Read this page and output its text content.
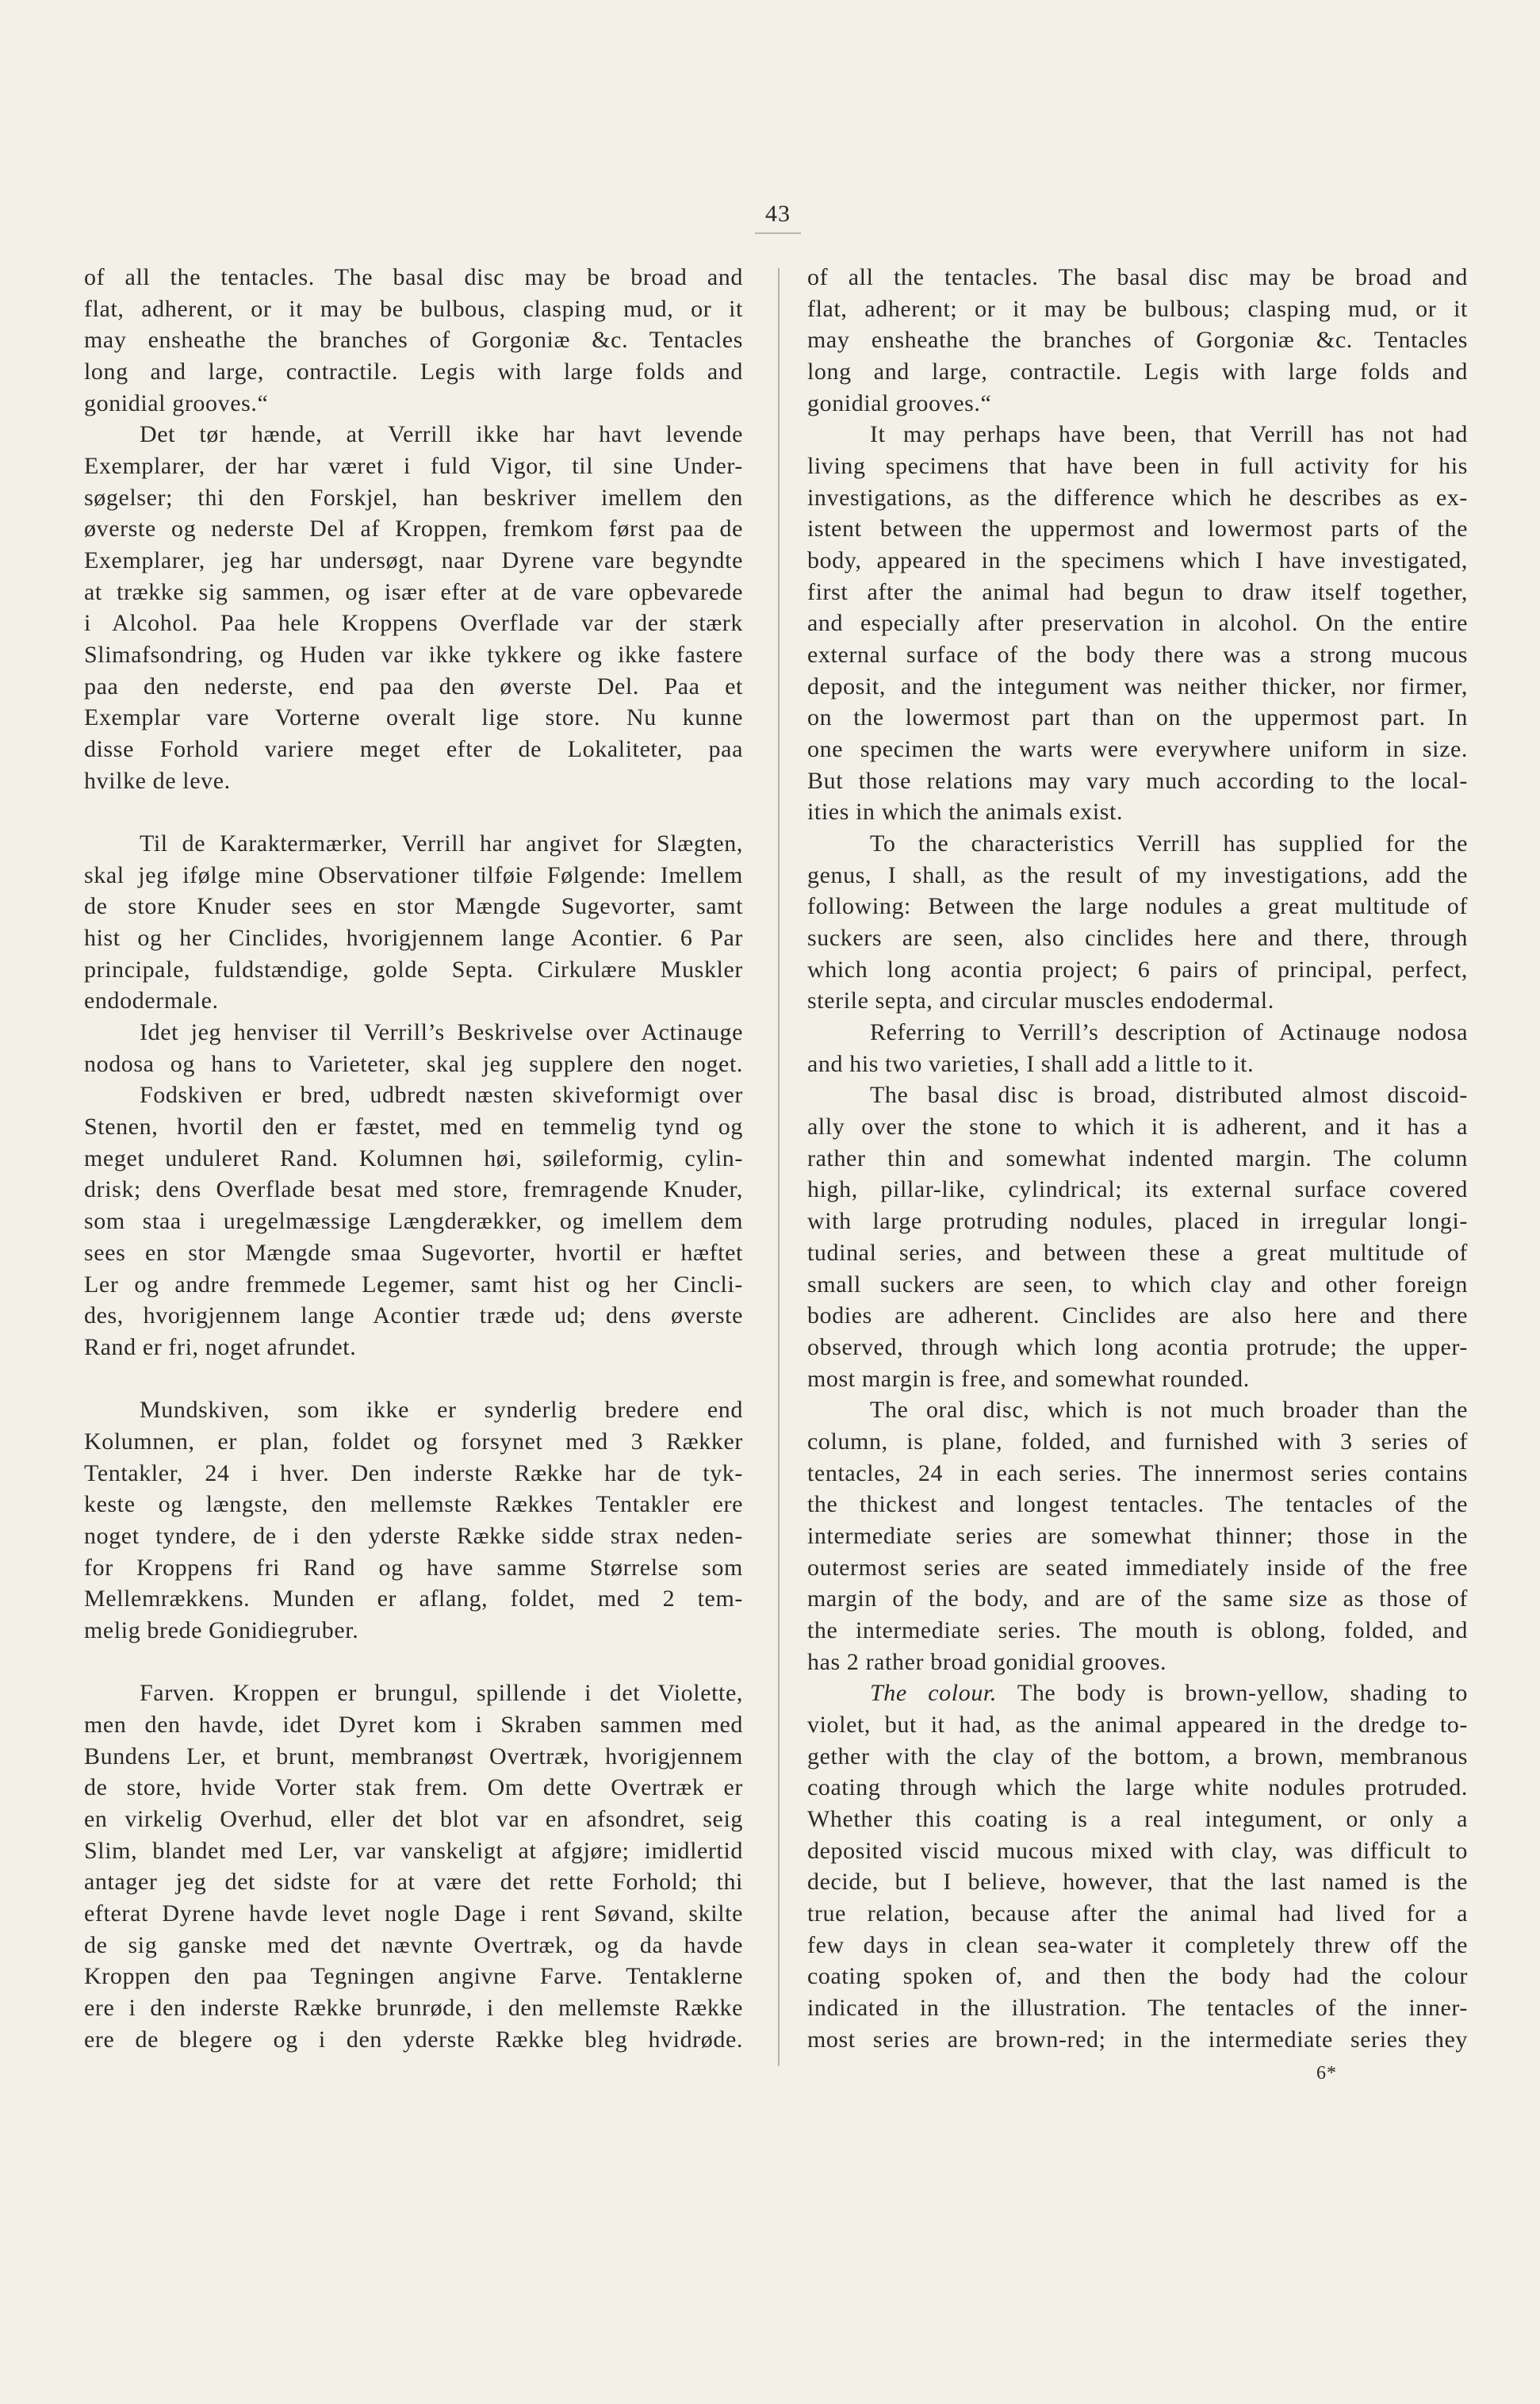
43
of all the tentacles. The basal disc may be broad and
flat, adherent, or it may be bulbous, clasping mud, or it
may ensheathe the branches of Gorgoniæ &c. Tentacles
long and large, contractile. Legis with large folds and
gonidial grooves.“
Det tør hænde, at Verrill ikke har havt levende
Exemplarer, der har været i fuld Vigor, til sine Under-
søgelser; thi den Forskjel, han beskriver imellem den
øverste og nederste Del af Kroppen, fremkom først paa de
Exemplarer, jeg har undersøgt, naar Dyrene vare begyndte
at trække sig sammen, og især efter at de vare opbevarede
i Alcohol. Paa hele Kroppens Overflade var der stærk
Slimafsondring, og Huden var ikke tykkere og ikke fastere
paa den nederste, end paa den øverste Del. Paa et
Exemplar vare Vorterne overalt lige store. Nu kunne
disse Forhold variere meget efter de Lokaliteter, paa
hvilke de leve.
Til de Karaktermærker, Verrill har angivet for Slægten,
skal jeg ifølge mine Observationer tilføie Følgende: Imellem
de store Knuder sees en stor Mængde Sugevorter, samt
hist og her Cinclides, hvorigjennem lange Acontier. 6 Par
principale, fuldstændige, golde Septa. Cirkulære Muskler
endodermale.
Idet jeg henviser til Verrill’s Beskrivelse over Actinauge
nodosa og hans to Varieteter, skal jeg supplere den noget.
Fodskiven er bred, udbredt næsten skiveformigt over
Stenen, hvortil den er fæstet, med en temmelig tynd og
meget unduleret Rand. Kolumnen høi, søileformig, cylin-
drisk; dens Overflade besat med store, fremragende Knuder,
som staa i uregelmæssige Længderækker, og imellem dem
sees en stor Mængde smaa Sugevorter, hvortil er hæftet
Ler og andre fremmede Legemer, samt hist og her Cincli-
des, hvorigjennem lange Acontier træde ud; dens øverste
Rand er fri, noget afrundet.
Mundskiven, som ikke er synderlig bredere end
Kolumnen, er plan, foldet og forsynet med 3 Rækker
Tentakler, 24 i hver. Den inderste Række har de tyk-
keste og længste, den mellemste Rækkes Tentakler ere
noget tyndere, de i den yderste Række sidde strax neden-
for Kroppens fri Rand og have samme Størrelse som
Mellemrækkens. Munden er aflang, foldet, med 2 tem-
melig brede Gonidiegruber.
Farven. Kroppen er brungul, spillende i det Violette,
men den havde, idet Dyret kom i Skraben sammen med
Bundens Ler, et brunt, membranøst Overtræk, hvorigjennem
de store, hvide Vorter stak frem. Om dette Overtræk er
en virkelig Overhud, eller det blot var en afsondret, seig
Slim, blandet med Ler, var vanskeligt at afgjøre; imidlertid
antager jeg det sidste for at være det rette Forhold; thi
efterat Dyrene havde levet nogle Dage i rent Søvand, skilte
de sig ganske med det nævnte Overtræk, og da havde
Kroppen den paa Tegningen angivne Farve. Tentaklerne
ere i den inderste Række brunrøde, i den mellemste Række
ere de blegere og i den yderste Række bleg hvidrøde.
of all the tentacles. The basal disc may be broad and
flat, adherent; or it may be bulbous; clasping mud, or it
may ensheathe the branches of Gorgoniæ &c. Tentacles
long and large, contractile. Legis with large folds and
gonidial grooves.“
It may perhaps have been, that Verrill has not had
living specimens that have been in full activity for his
investigations, as the difference which he describes as ex-
istent between the uppermost and lowermost parts of the
body, appeared in the specimens which I have investigated,
first after the animal had begun to draw itself together,
and especially after preservation in alcohol. On the entire
external surface of the body there was a strong mucous
deposit, and the integument was neither thicker, nor firmer,
on the lowermost part than on the uppermost part. In
one specimen the warts were everywhere uniform in size.
But those relations may vary much according to the local-
ities in which the animals exist.
To the characteristics Verrill has supplied for the
genus, I shall, as the result of my investigations, add the
following: Between the large nodules a great multitude of
suckers are seen, also cinclides here and there, through
which long acontia project; 6 pairs of principal, perfect,
sterile septa, and circular muscles endodermal.
Referring to Verrill’s description of Actinauge nodosa
and his two varieties, I shall add a little to it.
The basal disc is broad, distributed almost discoid-
ally over the stone to which it is adherent, and it has a
rather thin and somewhat indented margin. The column
high, pillar-like, cylindrical; its external surface covered
with large protruding nodules, placed in irregular longi-
tudinal series, and between these a great multitude of
small suckers are seen, to which clay and other foreign
bodies are adherent. Cinclides are also here and there
observed, through which long acontia protrude; the upper-
most margin is free, and somewhat rounded.
The oral disc, which is not much broader than the
column, is plane, folded, and furnished with 3 series of
tentacles, 24 in each series. The innermost series contains
the thickest and longest tentacles. The tentacles of the
intermediate series are somewhat thinner; those in the
outermost series are seated immediately inside of the free
margin of the body, and are of the same size as those of
the intermediate series. The mouth is oblong, folded, and
has 2 rather broad gonidial grooves.
The colour. The body is brown-yellow, shading to
violet, but it had, as the animal appeared in the dredge to-
gether with the clay of the bottom, a brown, membranous
coating through which the large white nodules protruded.
Whether this coating is a real integument, or only a
deposited viscid mucous mixed with clay, was difficult to
decide, but I believe, however, that the last named is the
true relation, because after the animal had lived for a
few days in clean sea-water it completely threw off the
coating spoken of, and then the body had the colour
indicated in the illustration. The tentacles of the inner-
most series are brown-red; in the intermediate series they
6*
